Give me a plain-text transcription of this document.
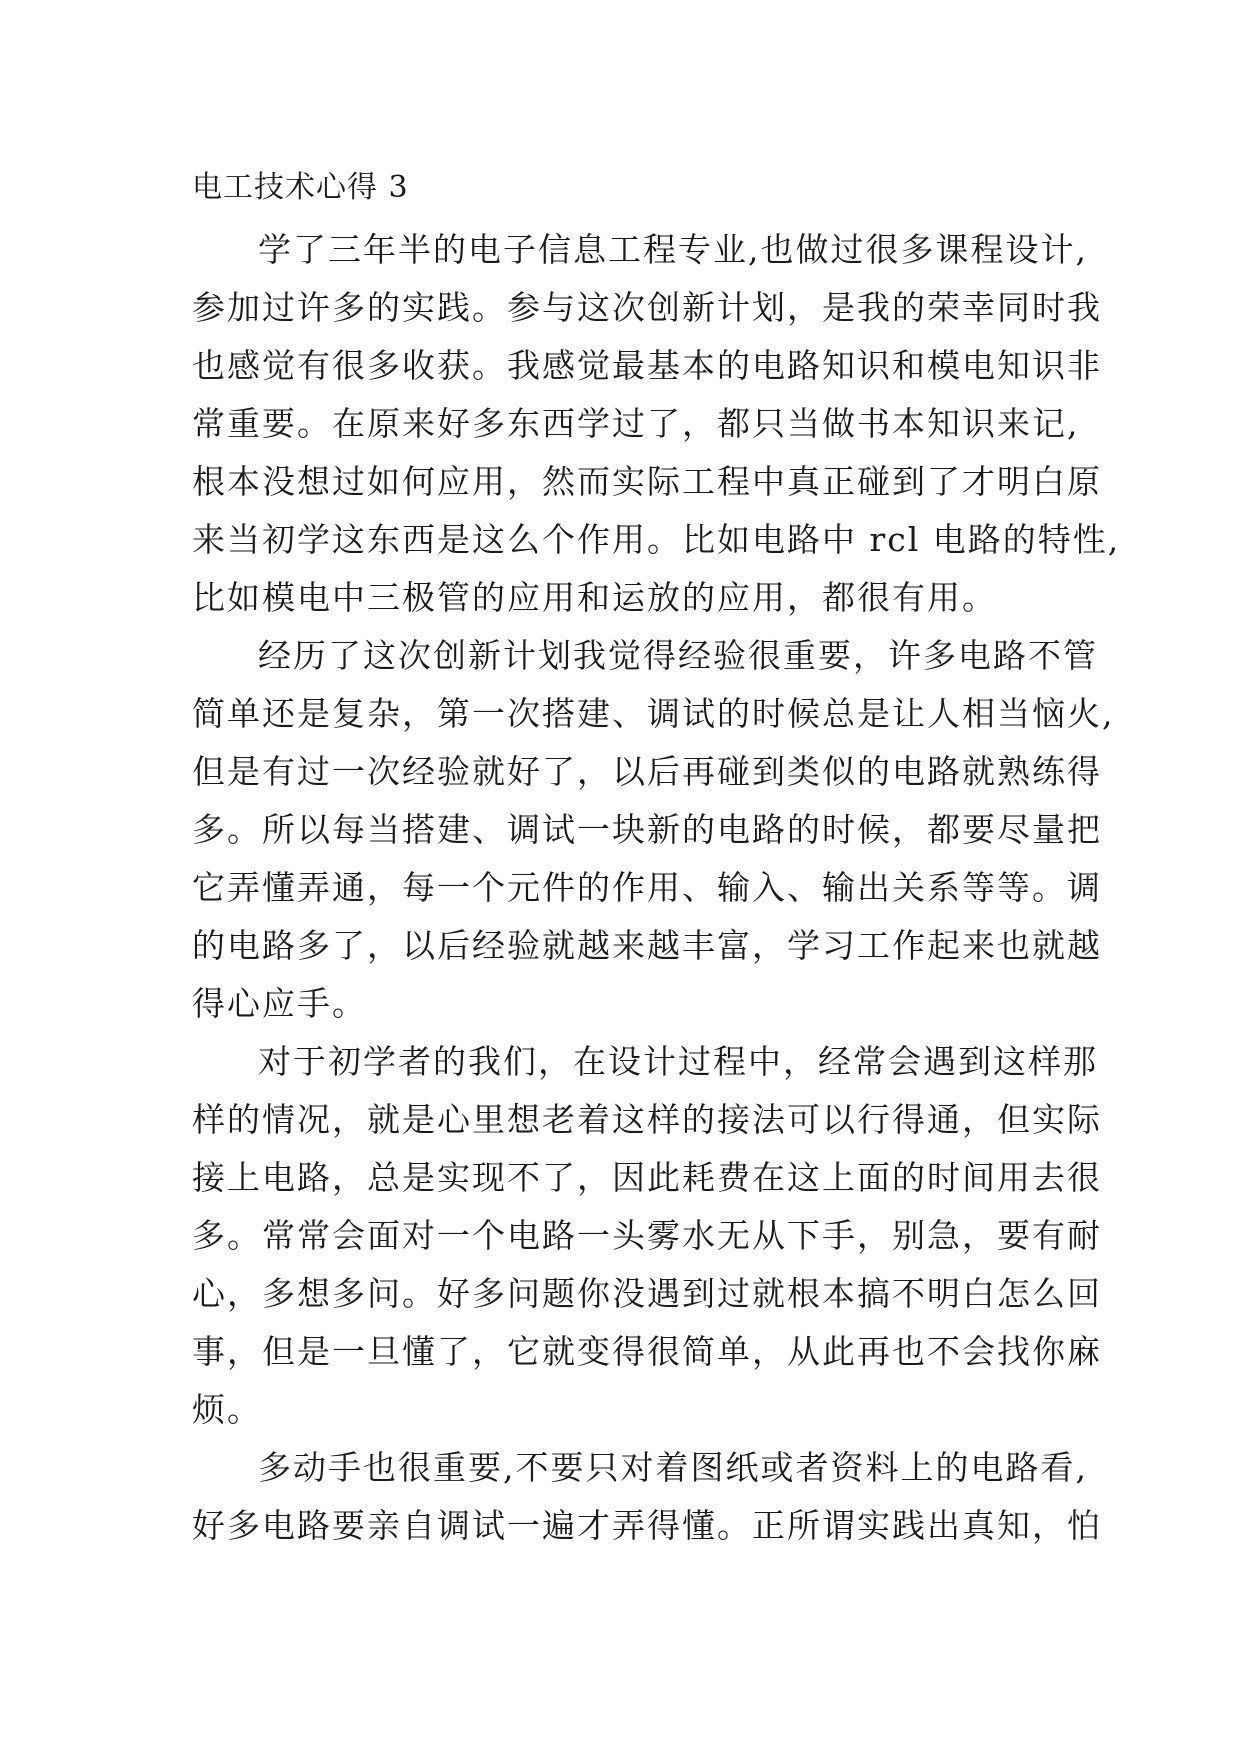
电工技术心得 3

学了三年半的电子信息工程专业,也做过很多课程设计,
参加过许多的实践。参与这次创新计划，是我的荣幸同时我
也感觉有很多收获。我感觉最基本的电路知识和模电知识非
常重要。在原来好多东西学过了，都只当做书本知识来记,
根本没想过如何应用，然而实际工程中真正碰到了才明白原
来当初学这东西是这么个作用。比如电路中 rcl 电路的特性,
比如模电中三极管的应用和运放的应用，都很有用。

经历了这次创新计划我觉得经验很重要，许多电路不管
简单还是复杂，第一次搭建、调试的时候总是让人相当恼火,
但是有过一次经验就好了，以后再碰到类似的电路就熟练得
多。所以每当搭建、调试一块新的电路的时候，都要尽量把
它弄懂弄通，每一个元件的作用、输入、输出关系等等。调
的电路多了，以后经验就越来越丰富，学习工作起来也就越
得心应手。

对于初学者的我们，在设计过程中，经常会遇到这样那
样的情况，就是心里想老着这样的接法可以行得通，但实际
接上电路，总是实现不了，因此耗费在这上面的时间用去很
多。常常会面对一个电路一头雾水无从下手，别急，要有耐
心，多想多问。好多问题你没遇到过就根本搞不明白怎么回
事，但是一旦懂了，它就变得很简单，从此再也不会找你麻
烦。

多动手也很重要,不要只对着图纸或者资料上的电路看,
好多电路要亲自调试一遍才弄得懂。正所谓实践出真知，怕
